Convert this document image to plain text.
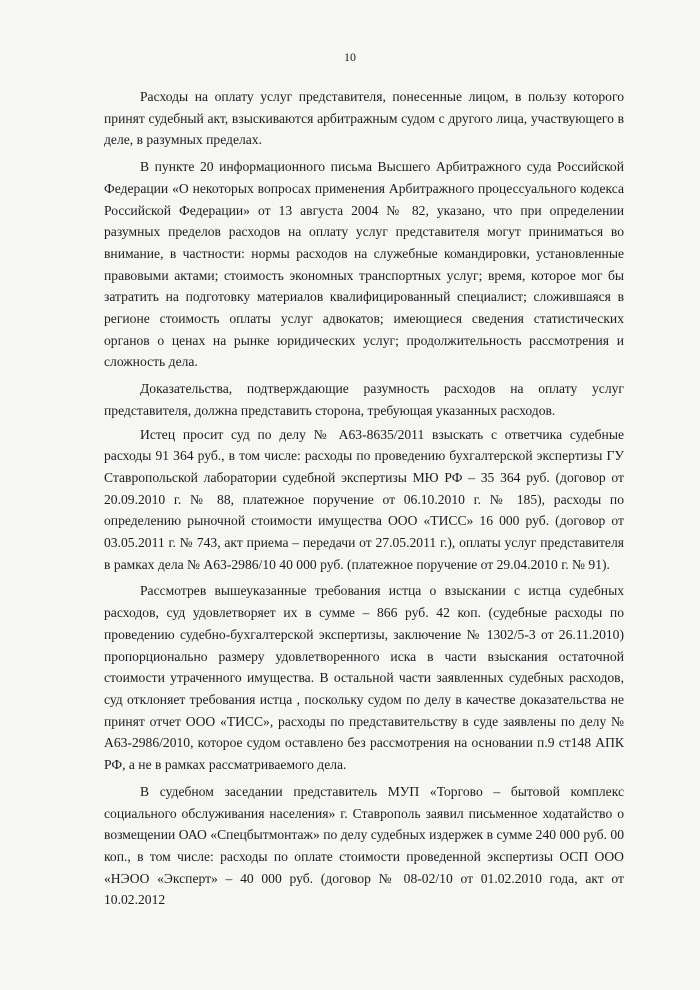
10

Расходы на оплату услуг представителя, понесенные лицом, в пользу которого принят судебный акт, взыскиваются арбитражным судом с другого лица, участвующего в деле, в разумных пределах.

В пункте 20 информационного письма Высшего Арбитражного суда Российской Федерации «О некоторых вопросах применения Арбитражного процессуального кодекса Российской Федерации» от 13 августа 2004 № 82, указано, что при определении разумных пределов расходов на оплату услуг представителя могут приниматься во внимание, в частности: нормы расходов на служебные командировки, установленные правовыми актами; стоимость экономных транспортных услуг; время, которое мог бы затратить на подготовку материалов квалифицированный специалист; сложившаяся в регионе стоимость оплаты услуг адвокатов; имеющиеся сведения статистических органов о ценах на рынке юридических услуг; продолжительность рассмотрения и сложность дела.

Доказательства, подтверждающие разумность расходов на оплату услуг представителя, должна представить сторона, требующая указанных расходов.

Истец просит суд по делу № А63-8635/2011 взыскать с ответчика судебные расходы 91 364 руб., в том числе: расходы по проведению бухгалтерской экспертизы ГУ Ставропольской лаборатории судебной экспертизы МЮ РФ – 35 364 руб. (договор от 20.09.2010 г. № 88, платежное поручение от 06.10.2010 г. № 185), расходы по определению рыночной стоимости имущества ООО «ТИСС» 16 000 руб. (договор от 03.05.2011 г. № 743, акт приема – передачи от 27.05.2011 г.), оплаты услуг представителя в рамках дела № А63-2986/10 40 000 руб. (платежное поручение от 29.04.2010 г. № 91).

Рассмотрев вышеуказанные требования истца о взыскании с истца судебных расходов, суд удовлетворяет их в сумме – 866 руб. 42 коп. (судебные расходы по проведению судебно-бухгалтерской экспертизы, заключение № 1302/5-3 от 26.11.2010) пропорционально размеру удовлетворенного иска в части взыскания остаточной стоимости утраченного имущества. В остальной части заявленных судебных расходов, суд отклоняет требования истца , поскольку судом по делу в качестве доказательства не принят отчет ООО «ТИСС», расходы по представительству в суде заявлены по делу № А63-2986/2010, которое судом оставлено без рассмотрения на основании п.9 ст148 АПК РФ, а не в рамках рассматриваемого дела.

В судебном заседании представитель МУП «Торгово – бытовой комплекс социального обслуживания населения» г. Ставрополь заявил письменное ходатайство о возмещении ОАО «Спецбытмонтаж» по делу судебных издержек в сумме 240 000 руб. 00 коп., в том числе: расходы по оплате стоимости проведенной экспертизы ОСП ООО «НЭОО «Эксперт» – 40 000 руб. (договор № 08-02/10 от 01.02.2010 года, акт от 10.02.2012
